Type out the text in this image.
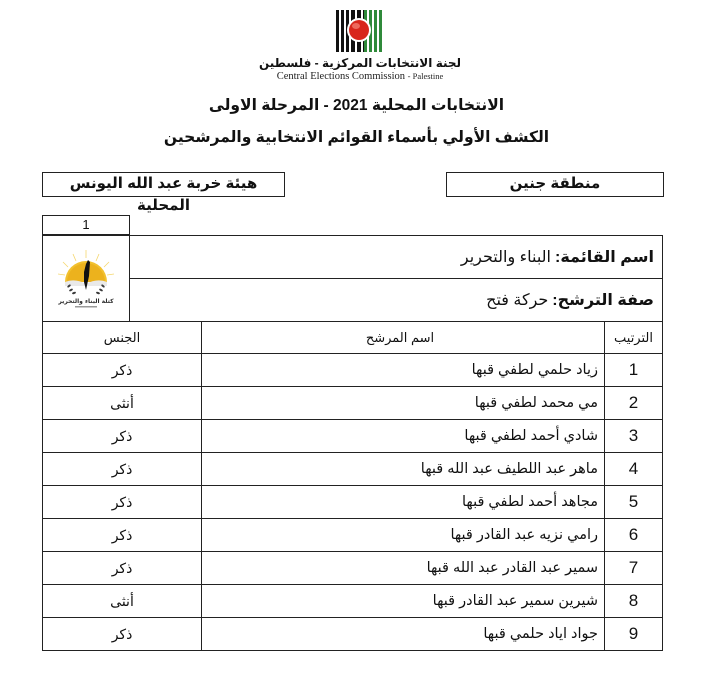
لجنة الانتخابات المركزية - فلسطين
Central Elections Commission - Palestine
الانتخابات المحلية 2021 - المرحلة الاولى
الكشف الأولي بأسماء القوائم الانتخابية والمرشحين
منطقة جنين
هيئة خربة عبد الله اليونس المحلية
1
كتلة البناء والتحرير
اسم القائمة:
البناء والتحرير
صفة الترشح:
حركة فتح
الترتيب	اسم المرشح	الجنس
1	زياد حلمي لطفي قبها	ذكر
2	مي محمد لطفي قبها	أنثى
3	شادي أحمد لطفي قبها	ذكر
4	ماهر عبد اللطيف عبد الله قبها	ذكر
5	مجاهد أحمد لطفي قبها	ذكر
6	رامي نزيه عبد القادر قبها	ذكر
7	سمير عبد القادر عبد الله قبها	ذكر
8	شيرين سمير عبد القادر قبها	أنثى
9	جواد اياد حلمي قبها	ذكر
